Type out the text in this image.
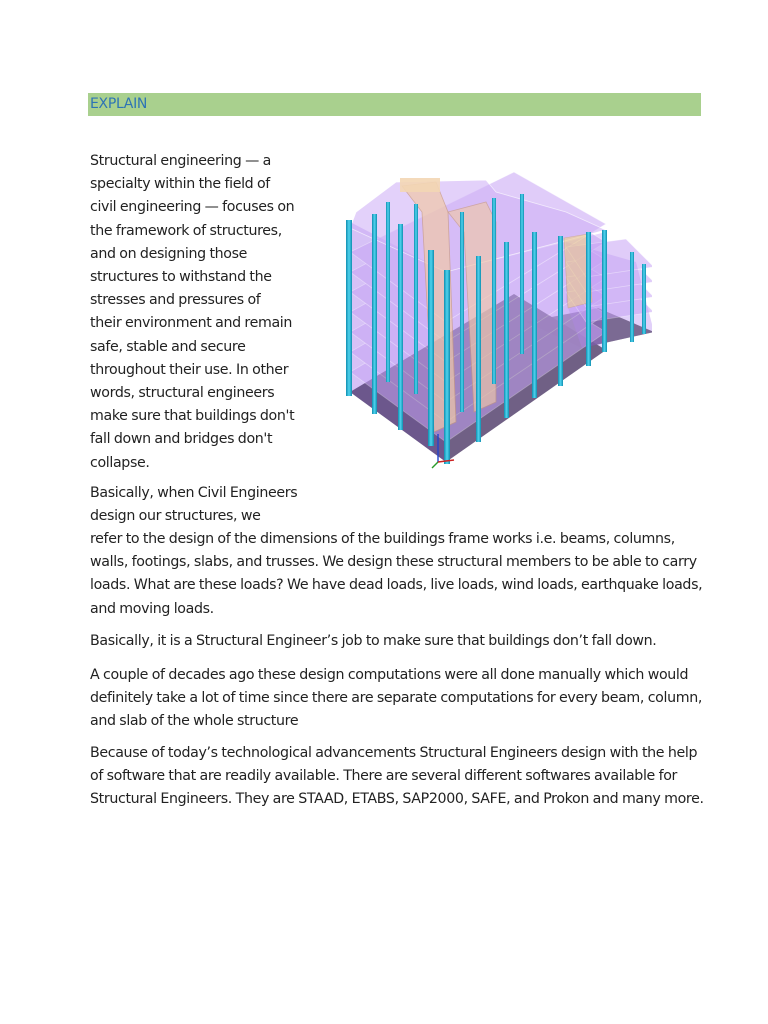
EXPLAIN
Structural engineering — a
specialty within the field of
civil engineering — focuses on
the framework of structures,
and on designing those
structures to withstand the
stresses and pressures of
their environment and remain
safe, stable and secure
throughout their use. In other
words, structural engineers
make sure that buildings don't
fall down and bridges don't
collapse.
Basically, when Civil Engineers
design our structures, we

refer to the design of the dimensions of the buildings frame works i.e. beams, columns, walls, footings, slabs, and trusses. We design these structural members to be able to carry loads. What are these loads? We have dead loads, live loads, wind loads, earthquake loads, and moving loads.

Basically, it is a Structural Engineer’s job to make sure that buildings don’t fall down.

A couple of decades ago these design computations were all done manually which would definitely take a lot of time since there are separate computations for every beam, column, and slab of the whole structure

Because of today’s technological advancements Structural Engineers design with the help of software that are readily available. There are several different softwares available for Structural Engineers. They are STAAD, ETABS, SAP2000, SAFE, and Prokon and many more.
